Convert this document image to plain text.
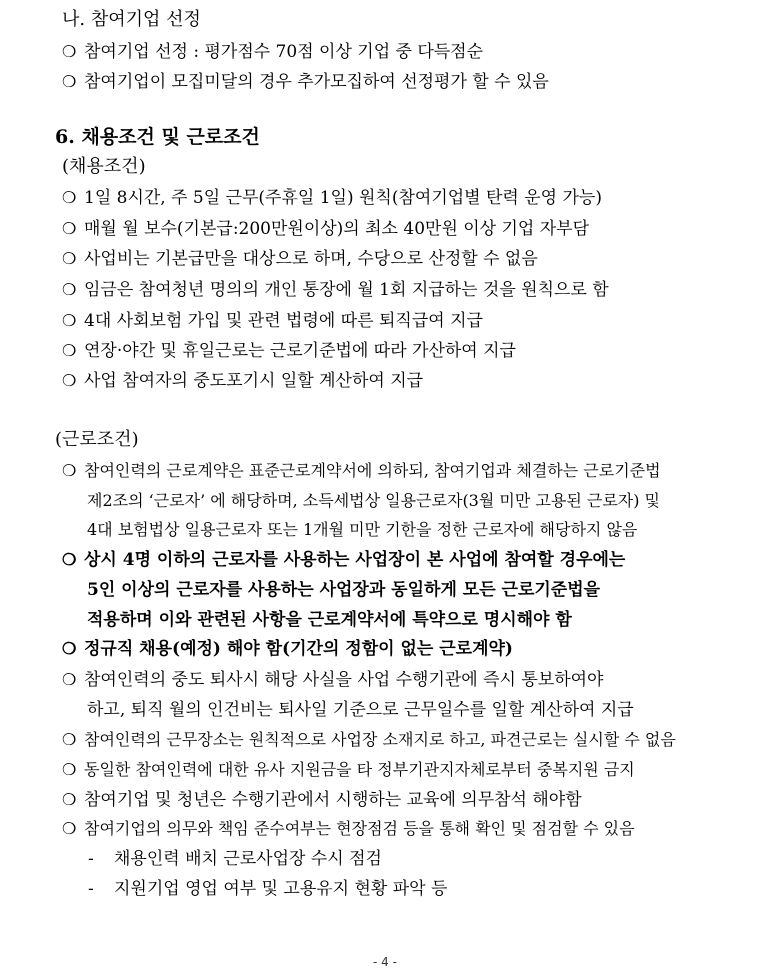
나. 참여기업 선정
❍ 참여기업 선정 : 평가점수 70점 이상 기업 중 다득점순
❍ 참여기업이 모집미달의 경우 추가모집하여 선정평가 할 수 있음
6. 채용조건 및 근로조건
(채용조건)
❍ 1일 8시간, 주 5일 근무(주휴일 1일) 원칙(참여기업별 탄력 운영 가능)
❍ 매월 월 보수(기본급:200만원이상)의 최소 40만원 이상 기업 자부담
❍ 사업비는 기본급만을 대상으로 하며, 수당으로 산정할 수 없음
❍ 임금은 참여청년 명의의 개인 통장에 월 1회 지급하는 것을 원칙으로 함
❍ 4대 사회보험 가입 및 관련 법령에 따른 퇴직급여 지급
❍ 연장·야간 및 휴일근로는 근로기준법에 따라 가산하여 지급
❍ 사업 참여자의 중도포기시 일할 계산하여 지급
(근로조건)
❍ 참여인력의 근로계약은 표준근로계약서에 의하되, 참여기업과 체결하는 근로기준법
제2조의 ‘근로자’ 에 해당하며, 소득세법상 일용근로자(3월 미만 고용된 근로자) 및
4대 보험법상 일용근로자 또는 1개월 미만 기한을 정한 근로자에 해당하지 않음
❍ 상시 4명 이하의 근로자를 사용하는 사업장이 본 사업에 참여할 경우에는
5인 이상의 근로자를 사용하는 사업장과 동일하게 모든 근로기준법을
적용하며 이와 관련된 사항을 근로계약서에 특약으로 명시해야 함
❍ 정규직 채용(예정) 해야 함(기간의 정함이 없는 근로계약)
❍ 참여인력의 중도 퇴사시 해당 사실을 사업 수행기관에 즉시 통보하여야
하고, 퇴직 월의 인건비는 퇴사일 기준으로 근무일수를 일할 계산하여 지급
❍ 참여인력의 근무장소는 원칙적으로 사업장 소재지로 하고, 파견근로는 실시할 수 없음
❍ 동일한 참여인력에 대한 유사 지원금을 타 정부기관지자체로부터 중복지원 금지
❍ 참여기업 및 청년은 수행기관에서 시행하는 교육에 의무참석 해야함
❍ 참여기업의 의무와 책임 준수여부는 현장점검 등을 통해 확인 및 점검할 수 있음
- 채용인력 배치 근로사업장 수시 점검
- 지원기업 영업 여부 및 고용유지 현황 파악 등
- 4 -
